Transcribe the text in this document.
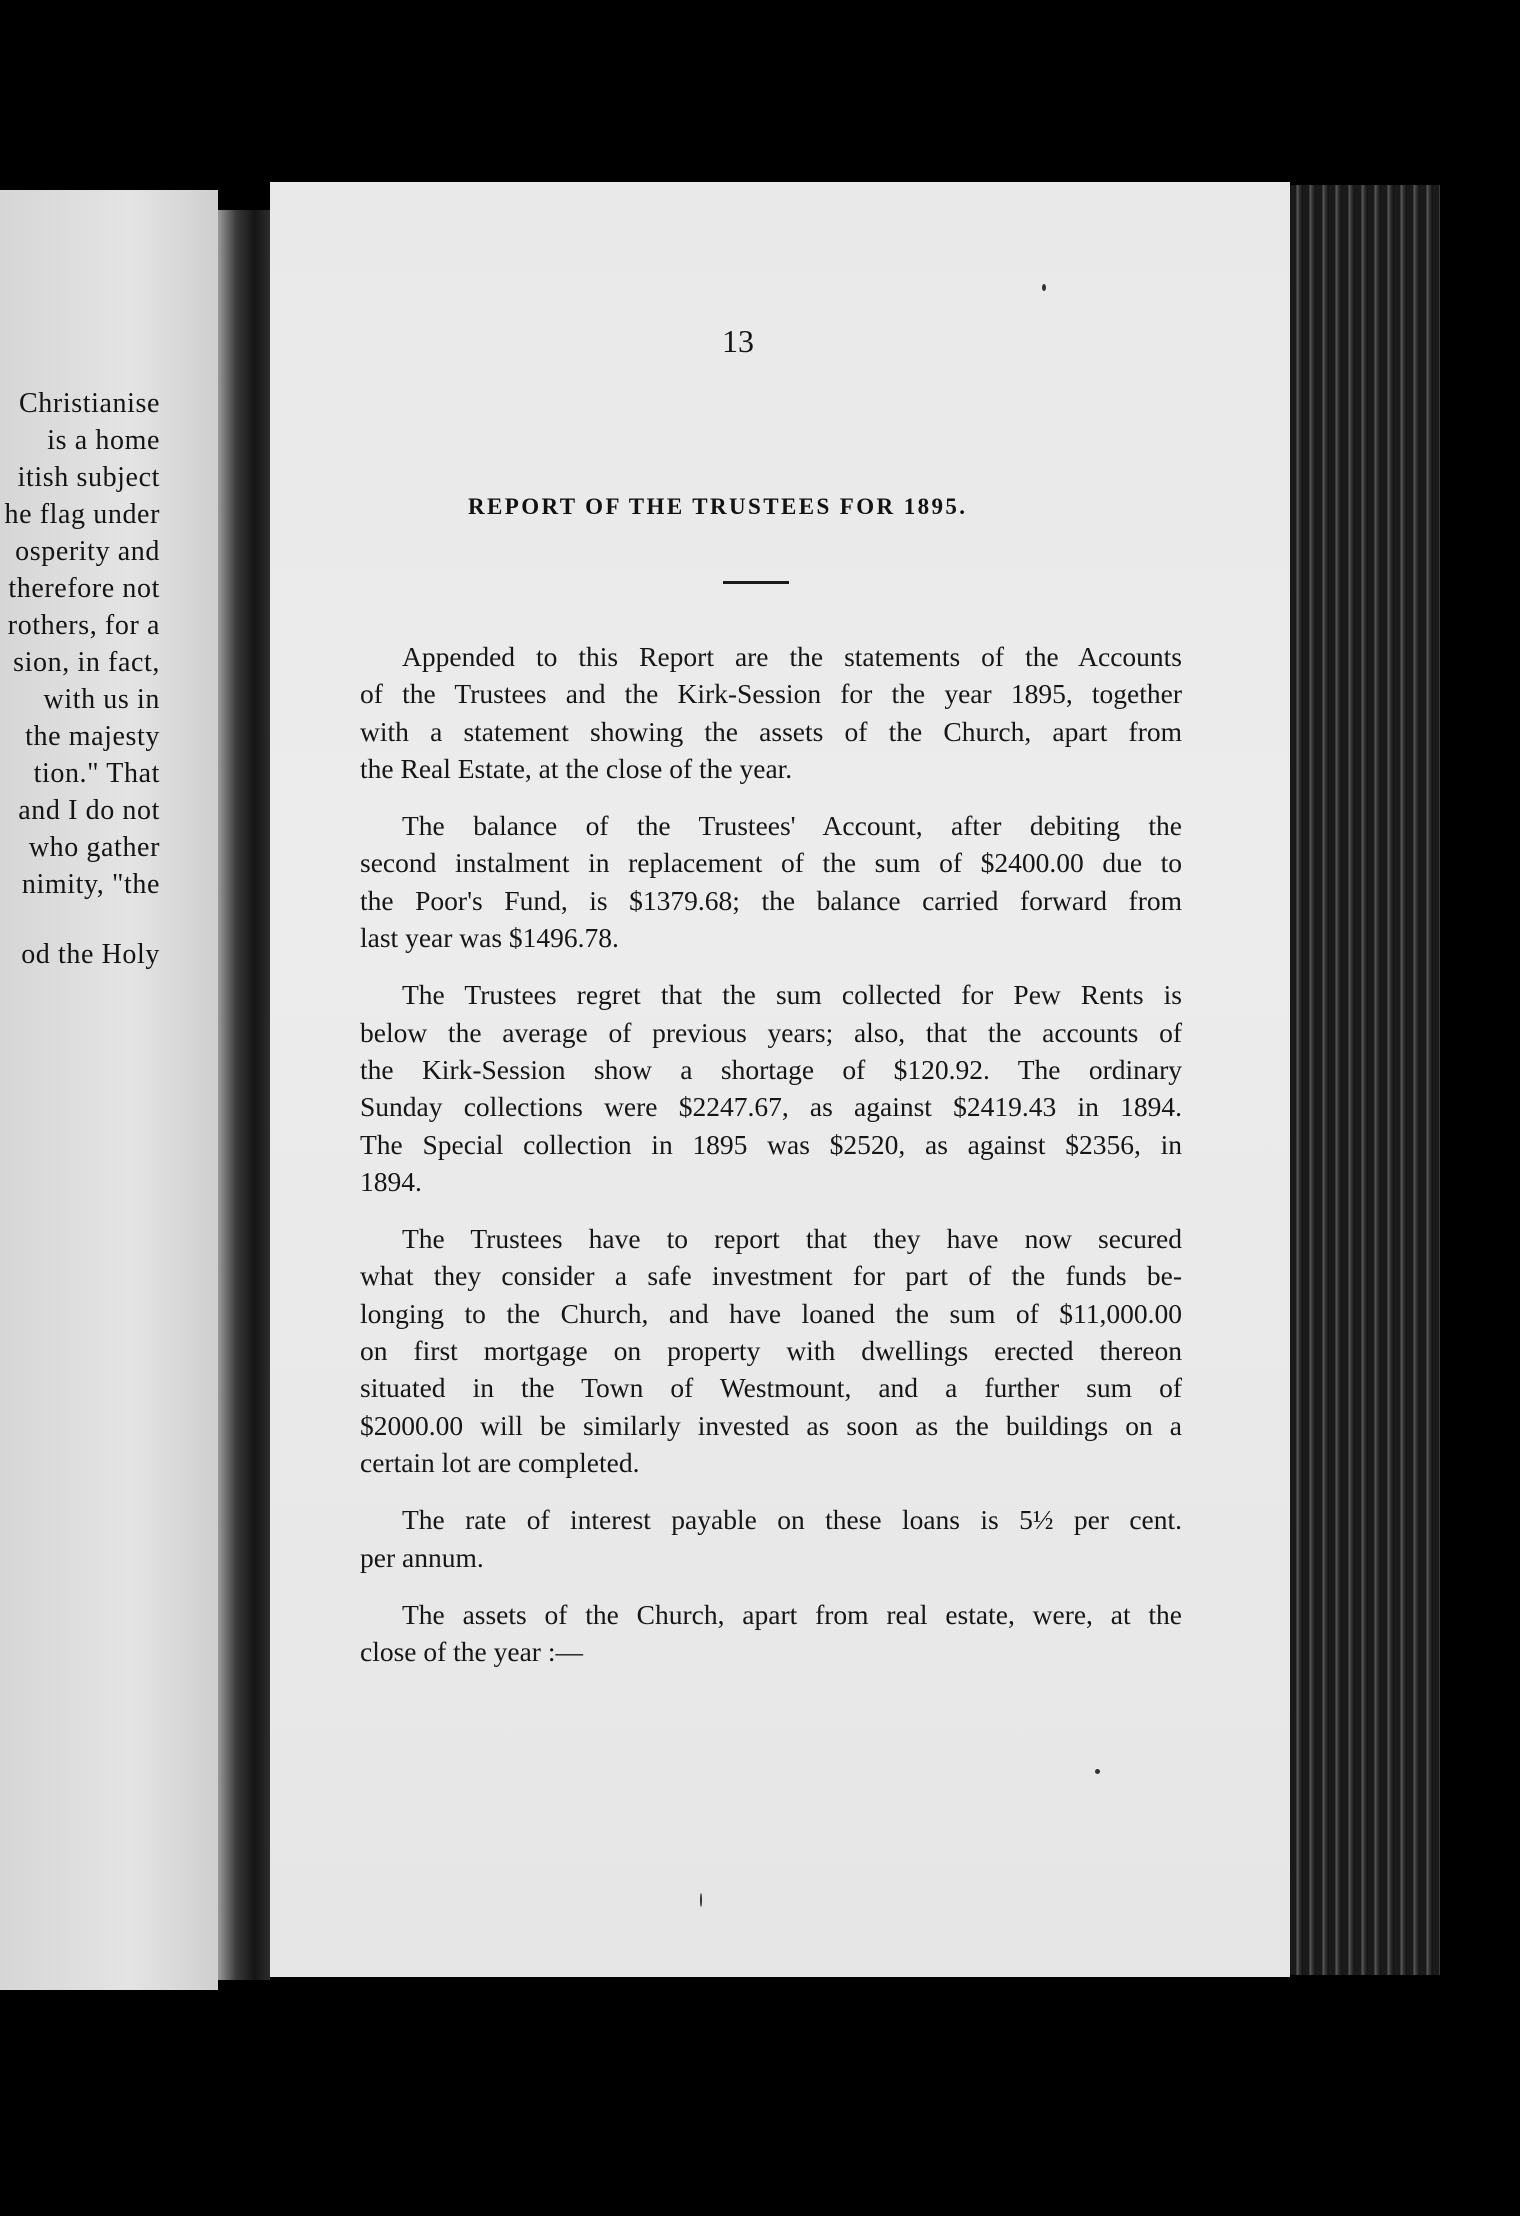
Christianise
is a home
itish subject
he flag under
osperity and
therefore not
rothers, for a
sion, in fact,
with us in
the majesty
tion." That
and I do not
who gather
nimity, "the
od the Holy
13
REPORT OF THE TRUSTEES FOR 1895.

Appended to this Report are the statements of the Accounts
of the Trustees and the Kirk-Session for the year 1895, together
with a statement showing the assets of the Church, apart from
the Real Estate, at the close of the year.

The balance of the Trustees' Account, after debiting the
second instalment in replacement of the sum of $2400.00 due to
the Poor's Fund, is $1379.68; the balance carried forward from
last year was $1496.78.

The Trustees regret that the sum collected for Pew Rents is
below the average of previous years; also, that the accounts of
the Kirk-Session show a shortage of $120.92. The ordinary
Sunday collections were $2247.67, as against $2419.43 in 1894.
The Special collection in 1895 was $2520, as against $2356, in
1894.

The Trustees have to report that they have now secured
what they consider a safe investment for part of the funds be-
longing to the Church, and have loaned the sum of $11,000.00
on first mortgage on property with dwellings erected thereon
situated in the Town of Westmount, and a further sum of
$2000.00 will be similarly invested as soon as the buildings on a
certain lot are completed.

The rate of interest payable on these loans is 5½ per cent.
per annum.

The assets of the Church, apart from real estate, were, at the
close of the year :—
